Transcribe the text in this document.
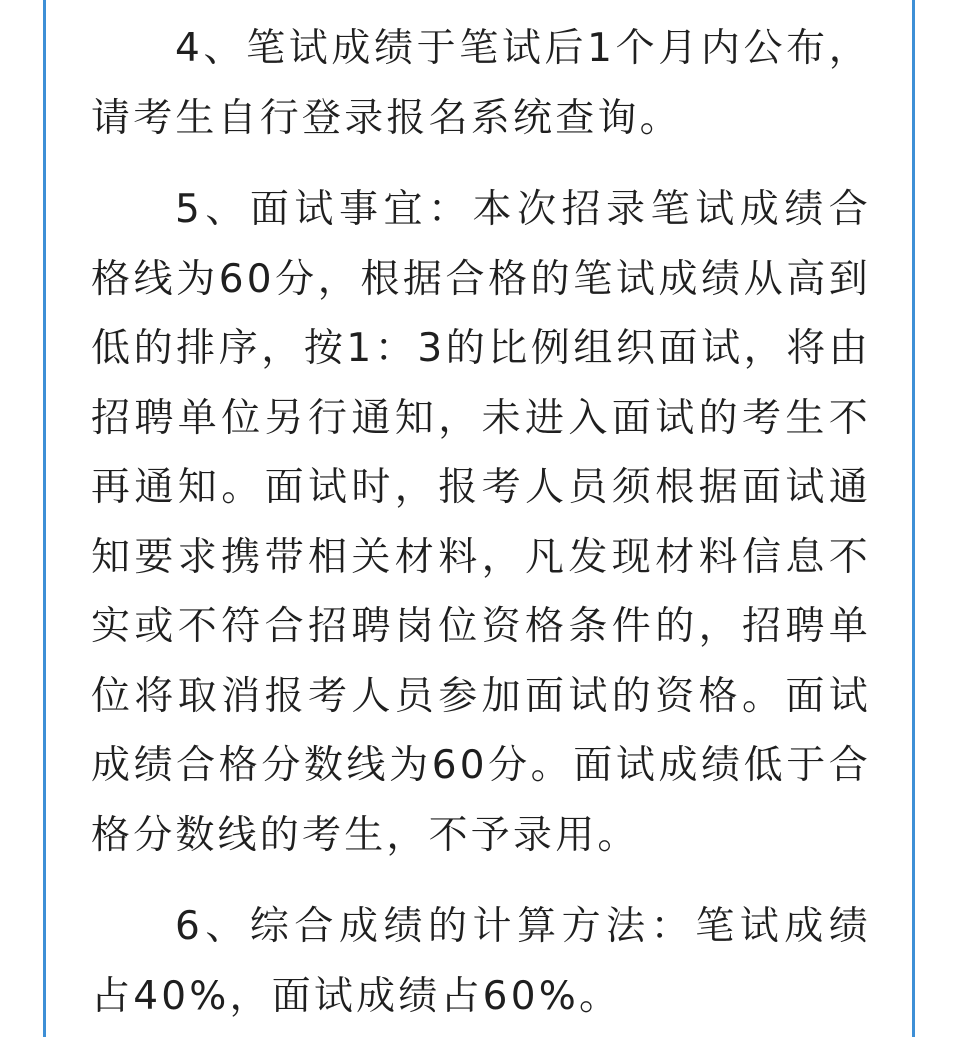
4、笔试成绩于笔试后1个月内公布，请考生自行登录报名系统查询。

5、面试事宜：本次招录笔试成绩合格线为60分，根据合格的笔试成绩从高到低的排序，按1：3的比例组织面试，将由招聘单位另行通知，未进入面试的考生不再通知。面试时，报考人员须根据面试通知要求携带相关材料，凡发现材料信息不实或不符合招聘岗位资格条件的，招聘单位将取消报考人员参加面试的资格。面试成绩合格分数线为60分。面试成绩低于合格分数线的考生，不予录用。

6、综合成绩的计算方法：笔试成绩占40%，面试成绩占60%。
